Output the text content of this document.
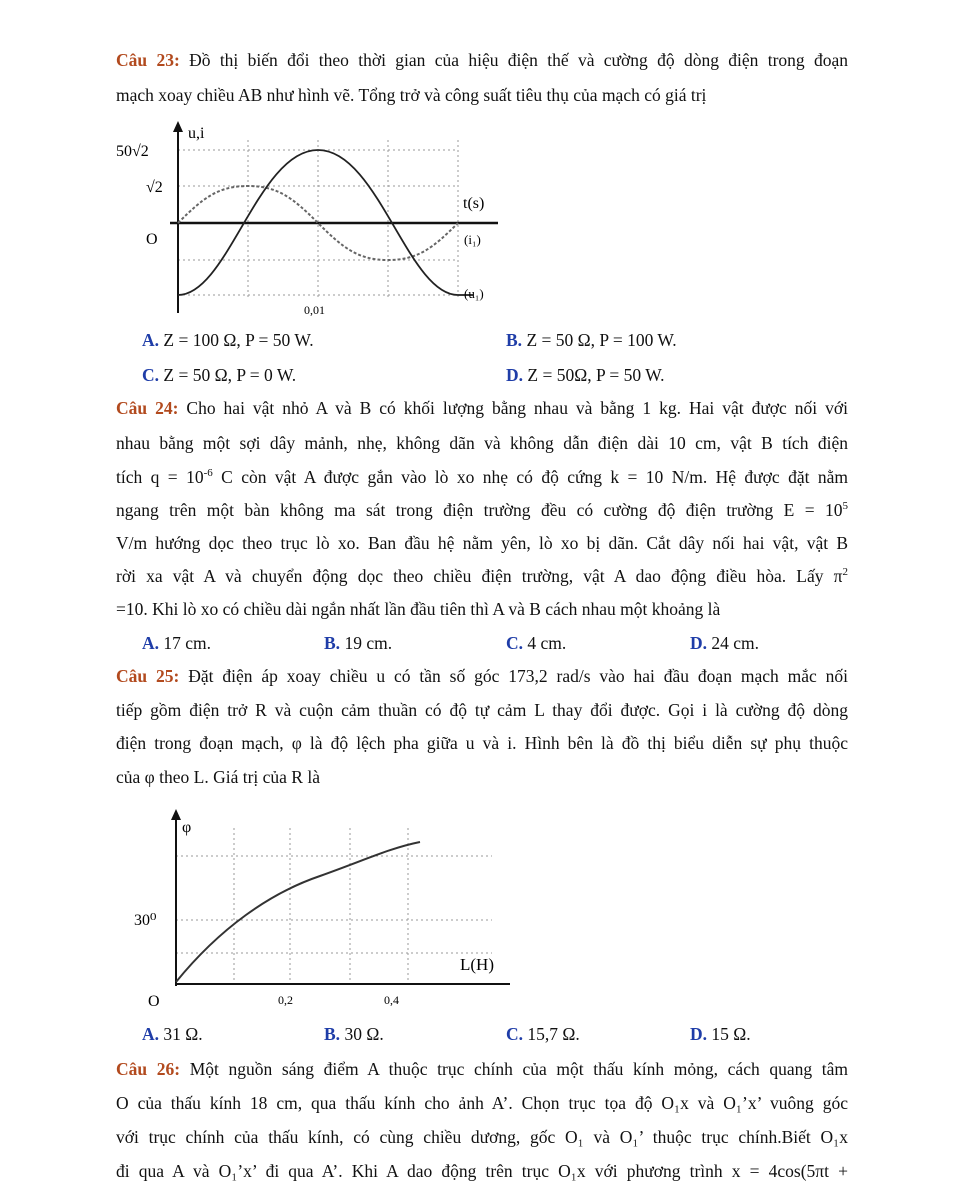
Câu 23: Đồ thị biến đổi theo thời gian của hiệu điện thế và cường độ dòng điện trong đoạn
mạch xoay chiều AB như hình vẽ. Tổng trở và công suất tiêu thụ của mạch có giá trị
u,i
50√2
√2
O
t(s)
0,01
(i₁)
(u₁)
A. Z = 100 Ω, P = 50 W.	B. Z = 50 Ω, P = 100 W.
C. Z = 50 Ω, P = 0 W.	D. Z = 50Ω, P = 50 W.
Câu 24: Cho hai vật nhỏ A và B có khối lượng bằng nhau và bằng 1 kg. Hai vật được nối với
nhau bằng một sợi dây mảnh, nhẹ, không dãn và không dẫn điện dài 10 cm, vật B tích điện
tích $q = 10^{-6}$ C còn vật A được gắn vào lò xo nhẹ có độ cứng k = 10 N/m. Hệ được đặt nằm
ngang trên một bàn không ma sát trong điện trường đều có cường độ điện trường $E = 10^5$
V/m hướng dọc theo trục lò xo. Ban đầu hệ nằm yên, lò xo bị dãn. Cắt dây nối hai vật, vật B
rời xa vật A và chuyển động dọc theo chiều điện trường, vật A dao động điều hòa. Lấy $\pi^2$
=10. Khi lò xo có chiều dài ngắn nhất lần đầu tiên thì A và B cách nhau một khoảng là
A. 17 cm.	B. 19 cm.	C. 4 cm.	D. 24 cm.
Câu 25: Đặt điện áp xoay chiều u có tần số góc 173,2 rad/s vào hai đầu đoạn mạch mắc nối
tiếp gồm điện trở R và cuộn cảm thuần có độ tự cảm L thay đổi được. Gọi i là cường độ dòng
điện trong đoạn mạch, φ là độ lệch pha giữa u và i. Hình bên là đồ thị biểu diễn sự phụ thuộc
của φ theo L. Giá trị của R là
φ
30⁰
O
L(H)
0,2	0,4
A. 31 Ω.	B. 30 Ω.	C. 15,7 Ω.	D. 15 Ω.
Câu 26: Một nguồn sáng điểm A thuộc trục chính của một thấu kính mỏng, cách quang tâm
O của thấu kính 18 cm, qua thấu kính cho ảnh A’. Chọn trục tọa độ O₁x và O₁’x’ vuông góc
với trục chính của thấu kính, có cùng chiều dương, gốc O₁ và O₁’ thuộc trục chính.Biết O₁x
đi qua A và O₁’x’ đi qua A’. Khi A dao động trên trục O₁x với phương trình x = 4cos(5πt +
